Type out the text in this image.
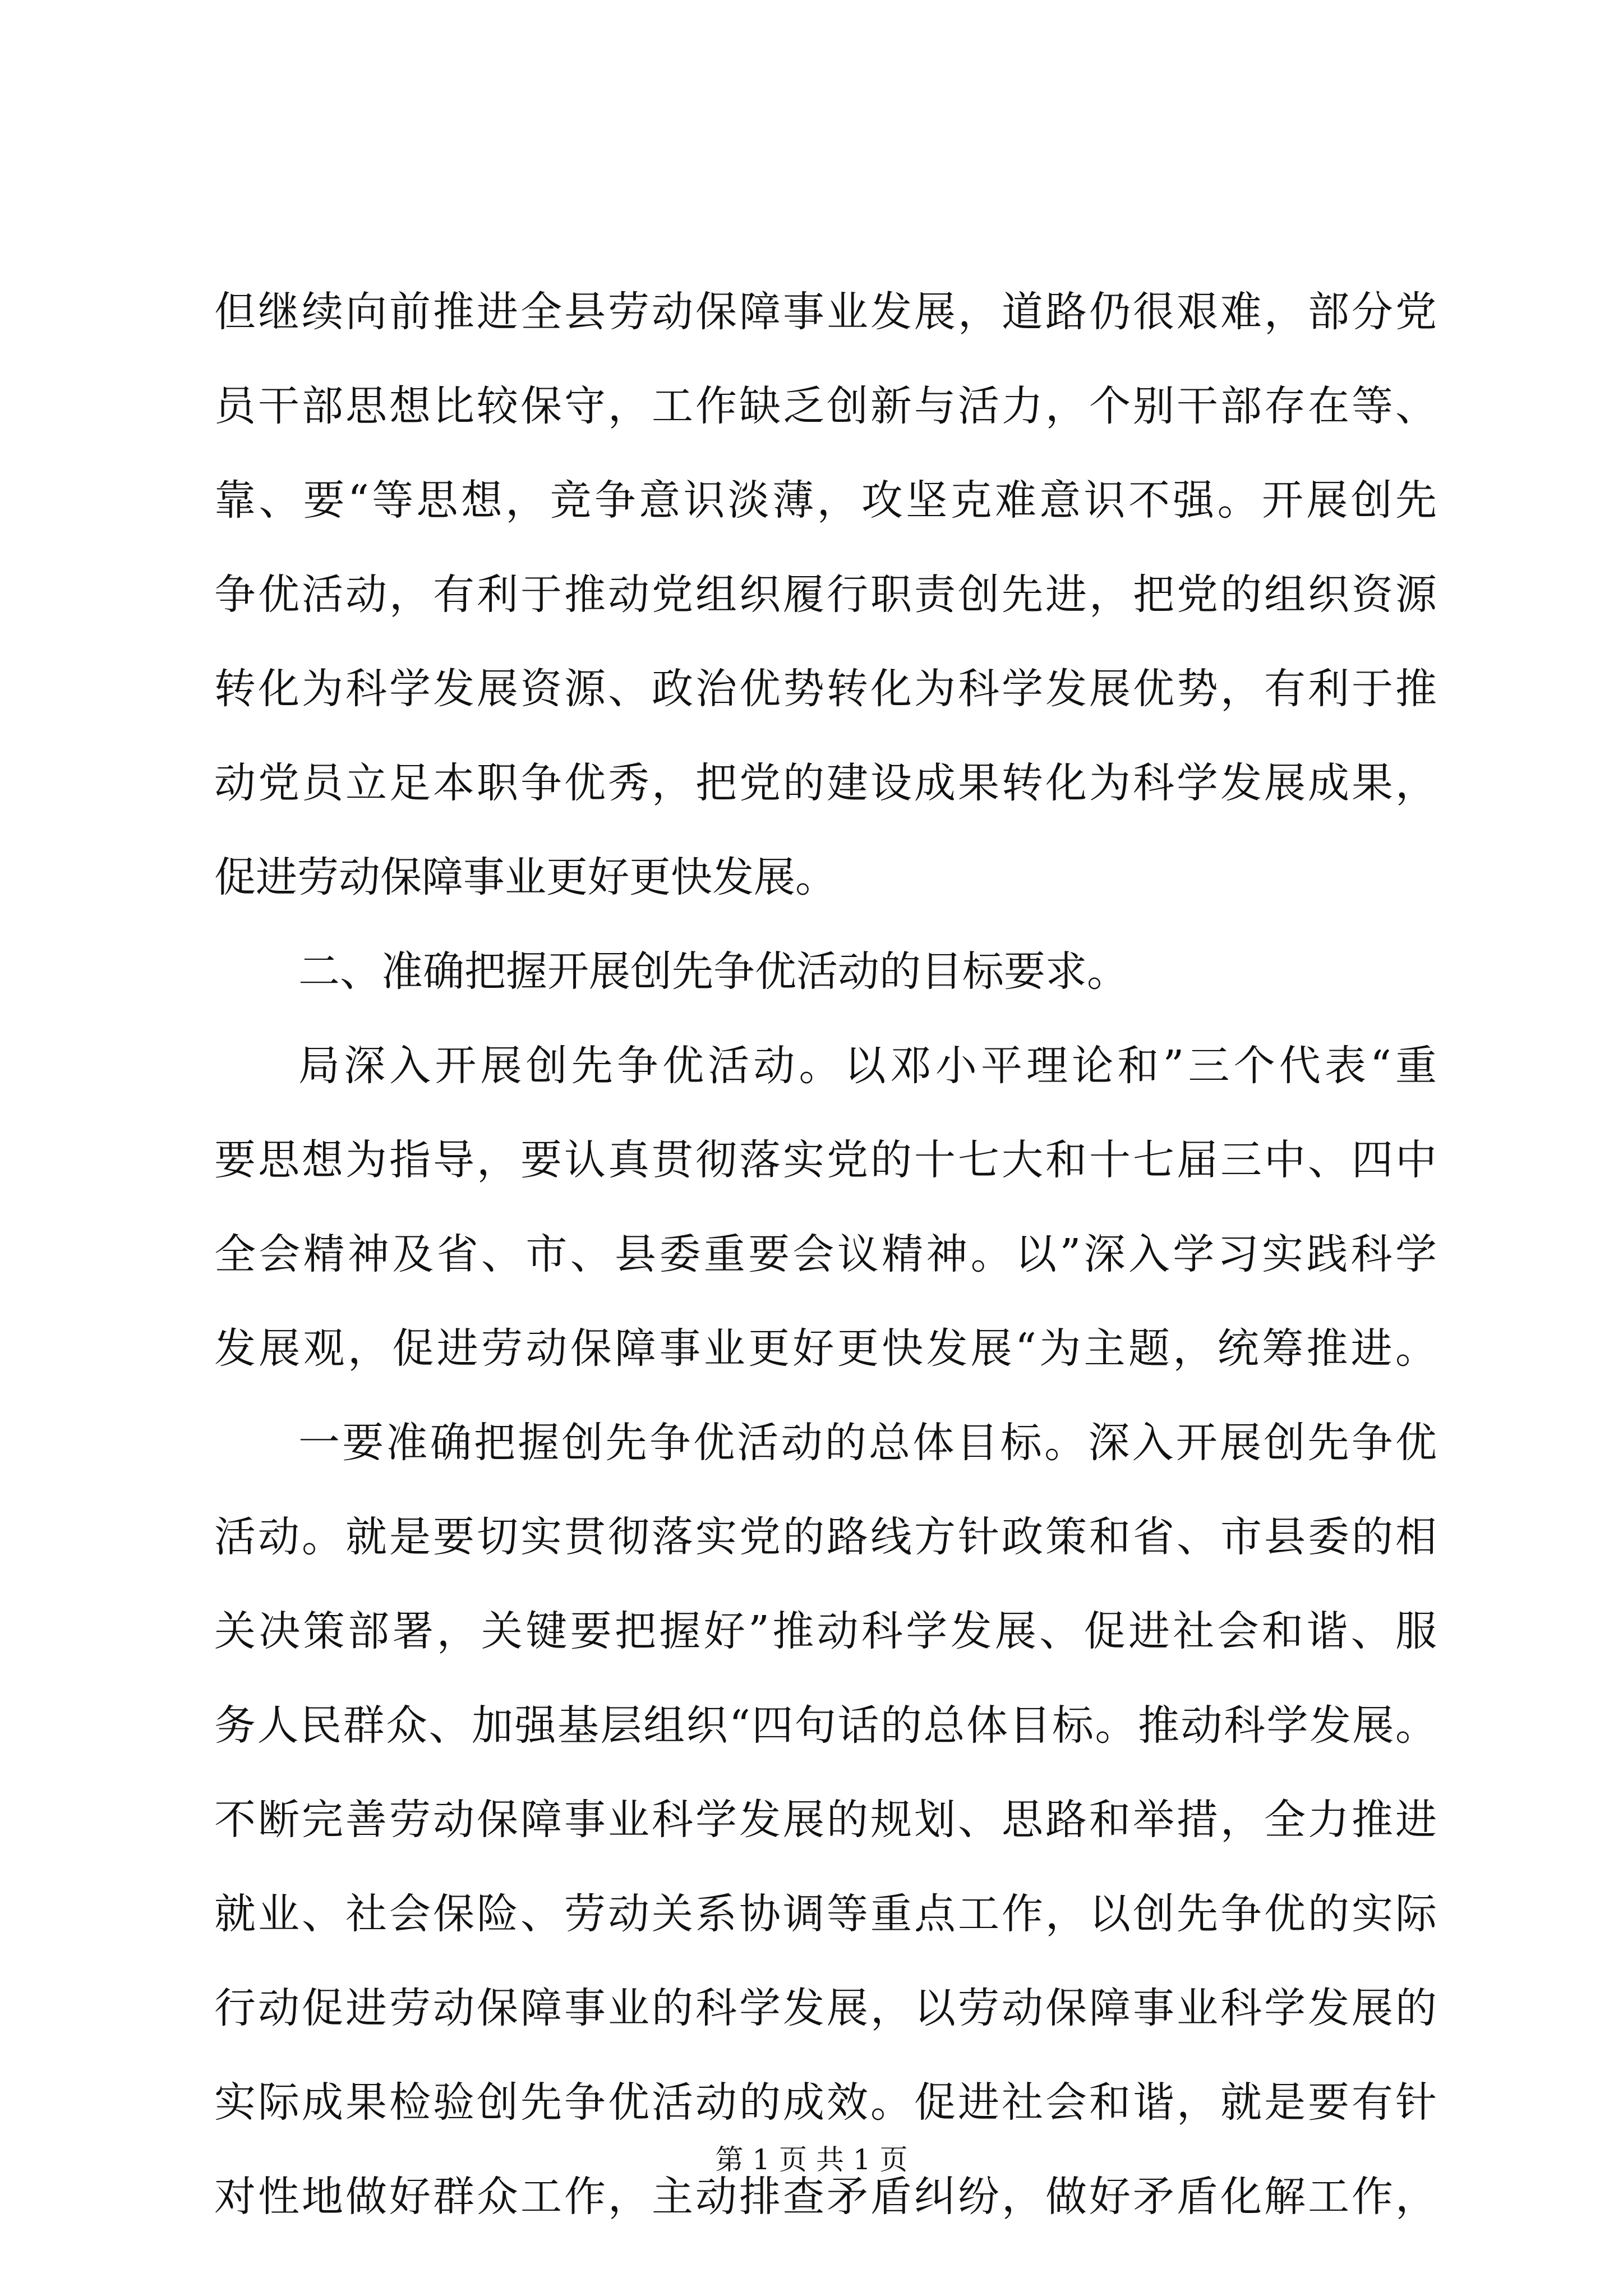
但继续向前推进全县劳动保障事业发展，道路仍很艰难，部分党
员干部思想比较保守，工作缺乏创新与活力，个别干部存在等、
靠、要“等思想，竞争意识淡薄，攻坚克难意识不强。开展创先
争优活动，有利于推动党组织履行职责创先进，把党的组织资源
转化为科学发展资源、政治优势转化为科学发展优势，有利于推
动党员立足本职争优秀，把党的建设成果转化为科学发展成果，
促进劳动保障事业更好更快发展。
二、准确把握开展创先争优活动的目标要求。
局深入开展创先争优活动。以邓小平理论和”三个代表“重
要思想为指导，要认真贯彻落实党的十七大和十七届三中、四中
全会精神及省、市、县委重要会议精神。以”深入学习实践科学
发展观，促进劳动保障事业更好更快发展“为主题，统筹推进。
一要准确把握创先争优活动的总体目标。深入开展创先争优
活动。就是要切实贯彻落实党的路线方针政策和省、市县委的相
关决策部署，关键要把握好”推动科学发展、促进社会和谐、服
务人民群众、加强基层组织“四句话的总体目标。推动科学发展。
不断完善劳动保障事业科学发展的规划、思路和举措，全力推进
就业、社会保险、劳动关系协调等重点工作，以创先争优的实际
行动促进劳动保障事业的科学发展，以劳动保障事业科学发展的
实际成果检验创先争优活动的成效。促进社会和谐，就是要有针
对性地做好群众工作，主动排查矛盾纠纷，做好矛盾化解工作，
第 1 页 共 1 页
